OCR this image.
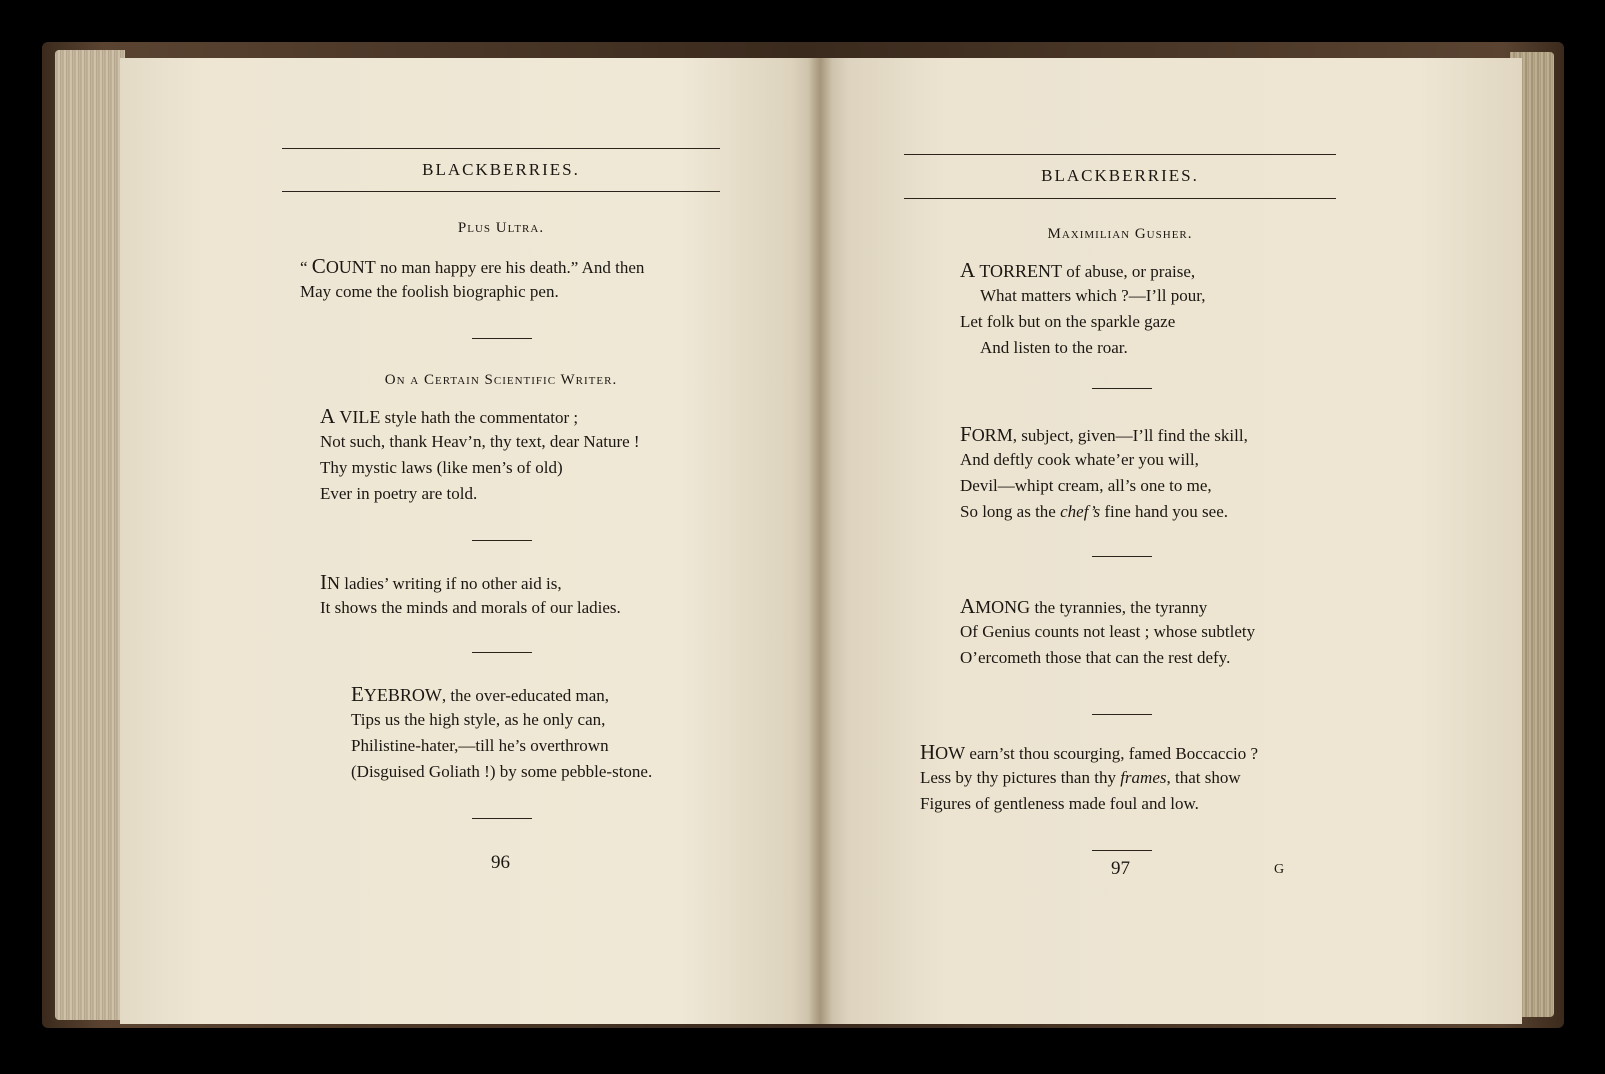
BLACKBERRIES.
Plus Ultra.
“ COUNT no man happy ere his death.” And then
May come the foolish biographic pen.
On a Certain Scientific Writer.
A VILE style hath the commentator ;
Not such, thank Heav’n, thy text, dear Nature !
Thy mystic laws (like men’s of old)
Ever in poetry are told.
IN ladies’ writing if no other aid is,
It shows the minds and morals of our ladies.
EYEBROW, the over-educated man,
Tips us the high style, as he only can,
Philistine-hater,—till he’s overthrown
(Disguised Goliath !) by some pebble-stone.
96
BLACKBERRIES.
Maximilian Gusher.
A TORRENT of abuse, or praise,
What matters which ?—I’ll pour,
Let folk but on the sparkle gaze
And listen to the roar.
FORM, subject, given—I’ll find the skill,
And deftly cook whate’er you will,
Devil—whipt cream, all’s one to me,
So long as the chef’s fine hand you see.
AMONG the tyrannies, the tyranny
Of Genius counts not least ; whose subtlety
O’ercometh those that can the rest defy.
HOW earn’st thou scourging, famed Boccaccio ?
Less by thy pictures than thy frames, that show
Figures of gentleness made foul and low.
97	G
